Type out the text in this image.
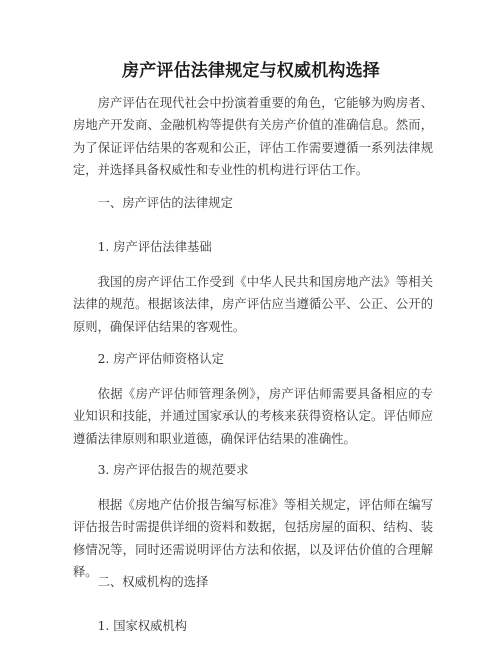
房产评估法律规定与权威机构选择

房产评估在现代社会中扮演着重要的角色，它能够为购房者、房地产开发商、金融机构等提供有关房产价值的准确信息。然而，为了保证评估结果的客观和公正，评估工作需要遵循一系列法律规定，并选择具备权威性和专业性的机构进行评估工作。

一、房产评估的法律规定
1. 房产评估法律基础

我国的房产评估工作受到《中华人民共和国房地产法》等相关法律的规范。根据该法律，房产评估应当遵循公平、公正、公开的原则，确保评估结果的客观性。

2. 房产评估师资格认定

依据《房产评估师管理条例》，房产评估师需要具备相应的专业知识和技能，并通过国家承认的考核来获得资格认定。评估师应遵循法律原则和职业道德，确保评估结果的准确性。

3. 房产评估报告的规范要求

根据《房地产估价报告编写标准》等相关规定，评估师在编写评估报告时需提供详细的资料和数据，包括房屋的面积、结构、装修情况等，同时还需说明评估方法和依据，以及评估价值的合理解释。

二、权威机构的选择
1. 国家权威机构
